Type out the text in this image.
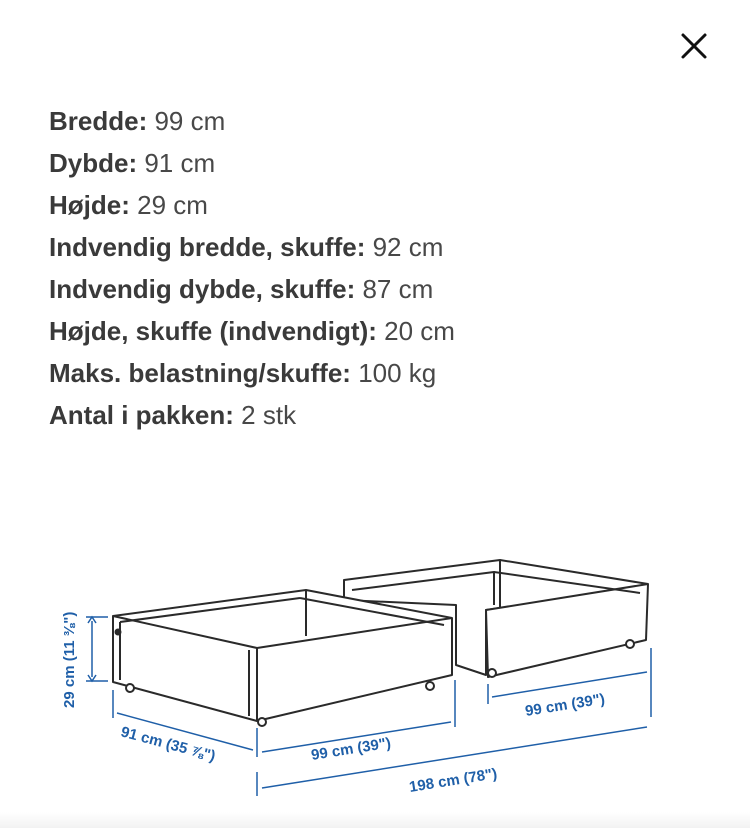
Bredde: 99 cm
Dybde: 91 cm
Højde: 29 cm
Indvendig bredde, skuffe: 92 cm
Indvendig dybde, skuffe: 87 cm
Højde, skuffe (indvendigt): 20 cm
Maks. belastning/skuffe: 100 kg
Antal i pakken: 2 stk
29 cm (11 ⅜")
91 cm (35 ⅞")	99 cm (39")
99 cm (39")
198 cm (78")
